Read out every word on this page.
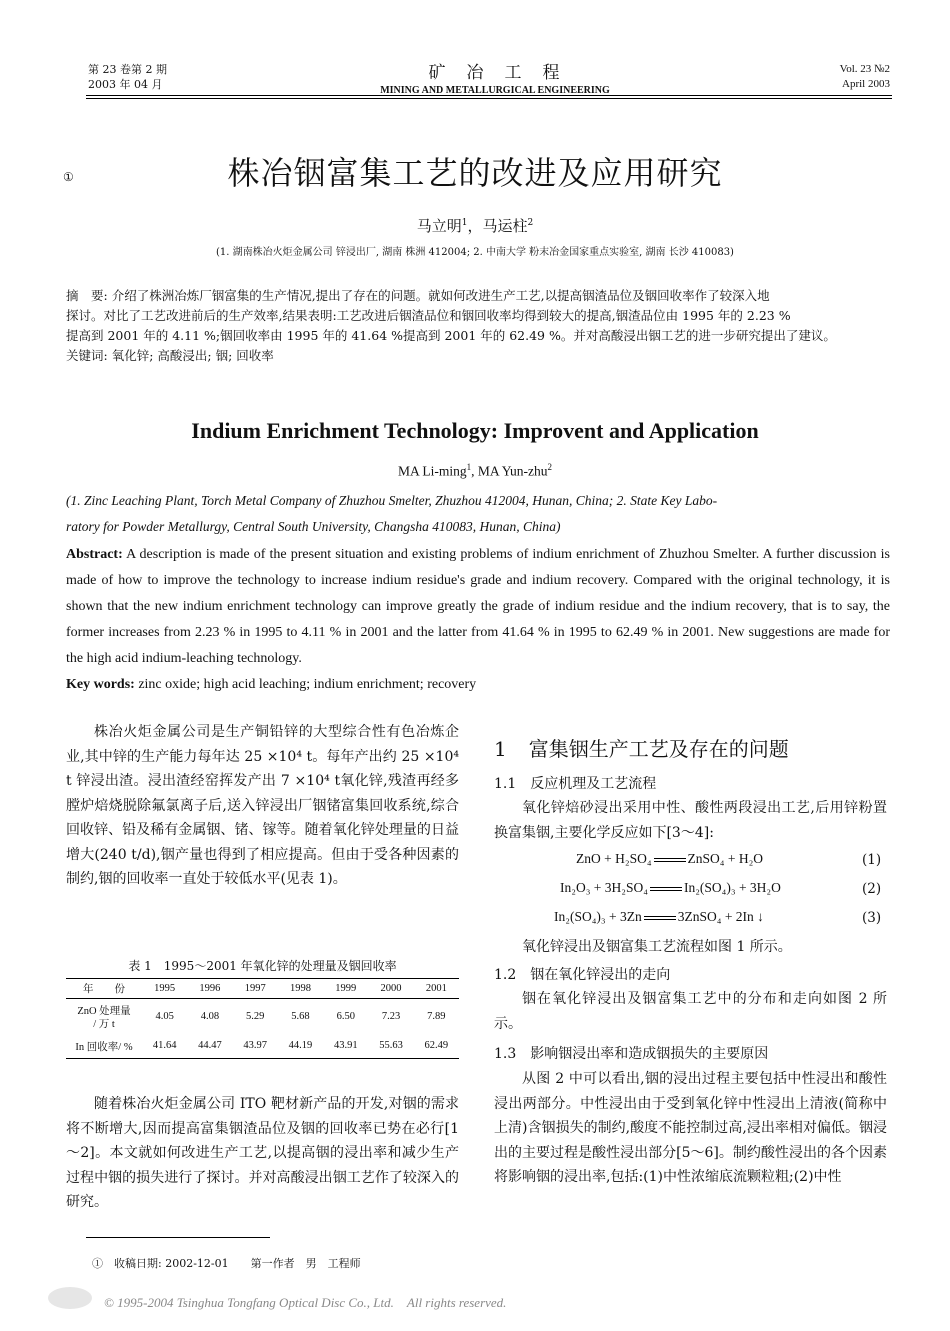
第 23 卷第 2 期
2003 年 04 月
矿　冶　工　程
MINING AND METALLURGICAL ENGINEERING
Vol. 23 №2
April 2003
①	株冶铟富集工艺的改进及应用研究
马立明$^1$，马运柱$^2$
(1. 湖南株冶火炬金属公司 锌浸出厂, 湖南 株洲 412004; 2. 中南大学 粉末冶金国家重点实验室, 湖南 长沙 410083)
摘　要: 介绍了株洲冶炼厂铟富集的生产情况,提出了存在的问题。就如何改进生产工艺,以提高铟渣品位及铟回收率作了较深入地
探讨。对比了工艺改进前后的生产效率,结果表明:工艺改进后铟渣品位和铟回收率均得到较大的提高,铟渣品位由 1995 年的 2.23 %
提高到 2001 年的 4.11 %;铟回收率由 1995 年的 41.64 %提高到 2001 年的 62.49 %。并对高酸浸出铟工艺的进一步研究提出了建议。
关键词: 氧化锌; 高酸浸出; 铟; 回收率
Indium Enrichment Technology: Improvent and Application
MA Li-ming$^1$, MA Yun-zhu$^2$
(1. Zinc Leaching Plant, Torch Metal Company of Zhuzhou Smelter, Zhuzhou 412004, Hunan, China; 2. State Key Labo-
ratory for Powder Metallurgy, Central South University, Changsha 410083, Hunan, China)
Abstract: A description is made of the present situation and existing problems of indium enrichment of Zhuzhou Smelter. A further discussion is made of how to improve the technology to increase indium residue's grade and indium recovery. Compared with the original technology, it is shown that the new indium enrichment technology can improve greatly the grade of indium residue and the indium recovery, that is to say, the former increases from 2.23 % in 1995 to 4.11 % in 2001 and the latter from 41.64 % in 1995 to 62.49 % in 2001. New suggestions are made for the high acid indium-leaching technology.
Key words: zinc oxide; high acid leaching; indium enrichment; recovery
株冶火炬金属公司是生产铜铅锌的大型综合性有色冶炼企业,其中锌的生产能力每年达 25 ×10⁴ t。每年产出约 25 ×10⁴ t 锌浸出渣。浸出渣经窑挥发产出 7 ×10⁴ t氧化锌,残渣再经多膛炉焙烧脱除氟氯离子后,送入锌浸出厂铟锗富集回收系统,综合回收锌、铅及稀有金属铟、锗、镓等。随着氧化锌处理量的日益增大(240 t/d),铟产量也得到了相应提高。但由于受各种因素的制约,铟的回收率一直处于较低水平(见表 1)。
表 1　1995～2001 年氧化锌的处理量及铟回收率
年　　份	1995	1996	1997	1998	1999	2000	2001

ZnO 处理量
/ 万 t	4.05	4.08	5.29	5.68	6.50	7.23	7.89
In 回收率/ %	41.64	44.47	43.97	44.19	43.91	55.63	62.49
随着株冶火炬金属公司 ITO 靶材新产品的开发,对铟的需求将不断增大,因而提高富集铟渣品位及铟的回收率已势在必行[1～2]。本文就如何改进生产工艺,以提高铟的浸出率和减少生产过程中铟的损失进行了探讨。并对高酸浸出铟工艺作了较深入的研究。
①　收稿日期: 2002-12-01　　第一作者　男　工程师
1 富集铟生产工艺及存在的问题
1.1　反应机理及工艺流程
氧化锌焙砂浸出采用中性、酸性两段浸出工艺,后用锌粉置换富集铟,主要化学反应如下[3～4]:
ZnO + H₂SO₄	ZnSO₄ + H₂O	(1)
In₂O₃ + 3H₂SO₄	In₂(SO₄)₃ + 3H₂O	(2)
In₂(SO₄)₃ + 3Zn	3ZnSO₄ + 2In ↓	(3)
氧化锌浸出及铟富集工艺流程如图 1 所示。
1.2　铟在氧化锌浸出的走向
铟在氧化锌浸出及铟富集工艺中的分布和走向如图 2 所示。
1.3　影响铟浸出率和造成铟损失的主要原因
从图 2 中可以看出,铟的浸出过程主要包括中性浸出和酸性浸出两部分。中性浸出由于受到氧化锌中性浸出上清液(简称中上清)含铟损失的制约,酸度不能控制过高,浸出率相对偏低。铟浸出的主要过程是酸性浸出部分[5～6]。制约酸性浸出的各个因素将影响铟的浸出率,包括:(1)中性浓缩底流颗粒粗;(2)中性
© 1995-2004 Tsinghua Tongfang Optical Disc Co., Ltd.　All rights reserved.
